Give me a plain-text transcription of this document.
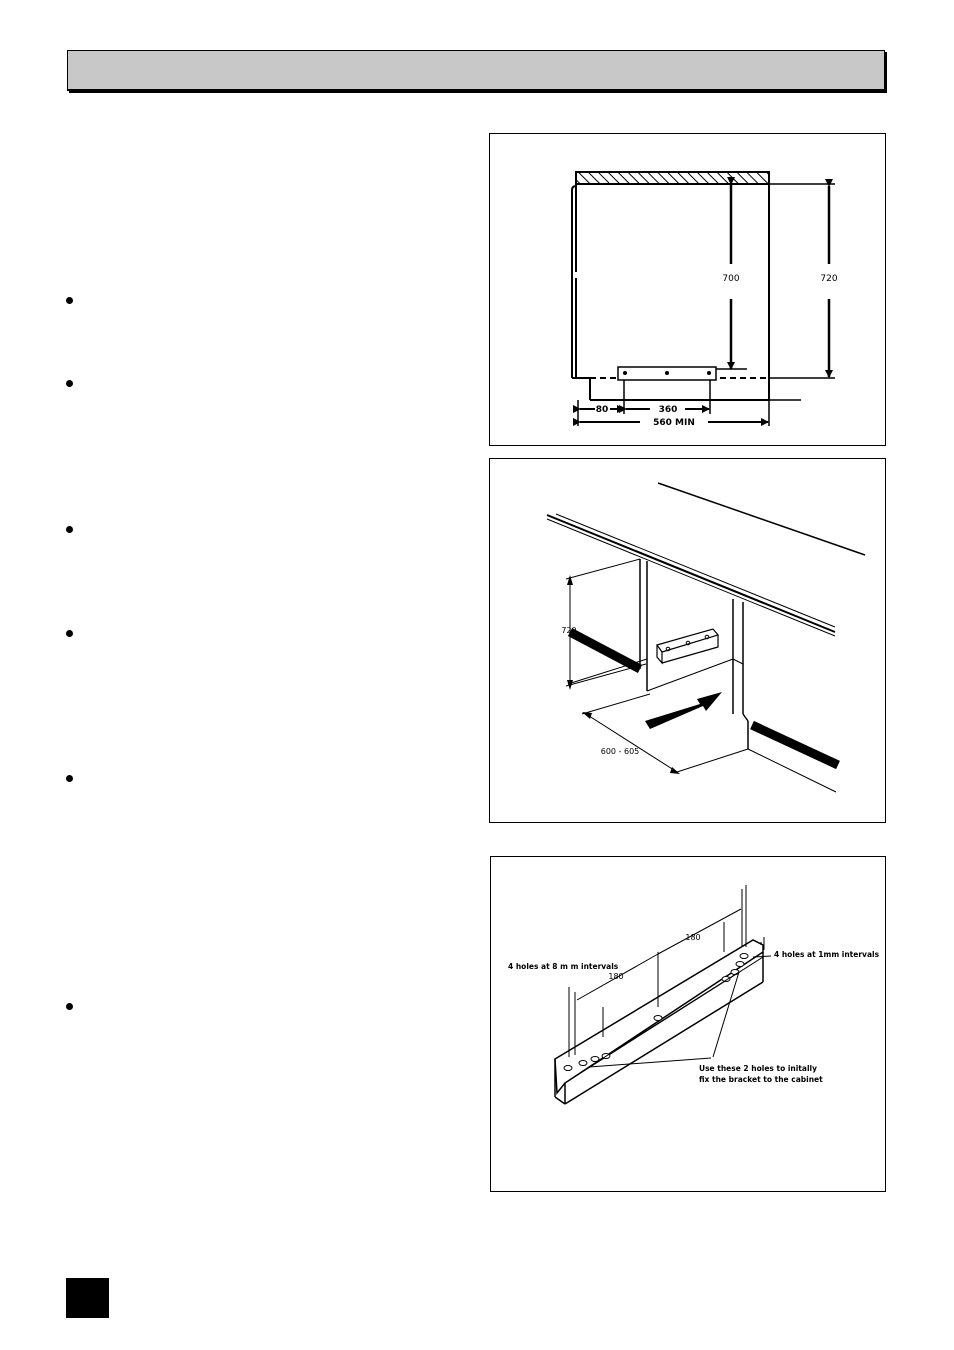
700	720
80	360
560 MIN
720
600 - 605
180
180
4 holes at 8 m m intervals
4 holes at 1mm intervals
Use these 2 holes to initally
fix the bracket to the cabinet
